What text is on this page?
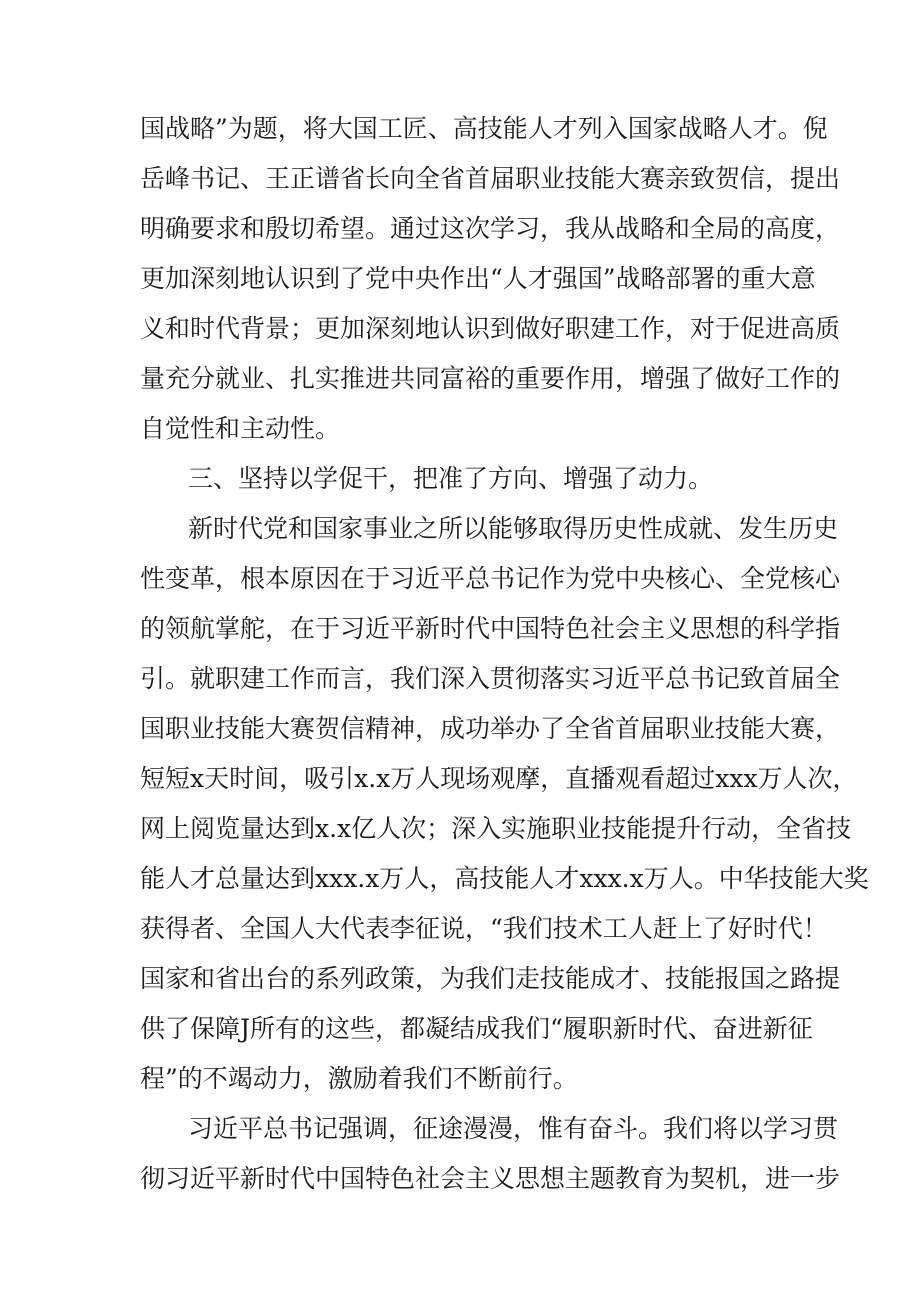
国战略”为题，将大国工匠、高技能人才列入国家战略人才。倪
岳峰书记、王正谱省长向全省首届职业技能大赛亲致贺信，提出
明确要求和殷切希望。通过这次学习，我从战略和全局的高度，
更加深刻地认识到了党中央作出“人才强国”战略部署的重大意
义和时代背景；更加深刻地认识到做好职建工作，对于促进高质
量充分就业、扎实推进共同富裕的重要作用，增强了做好工作的
自觉性和主动性。
三、坚持以学促干，把准了方向、增强了动力。
新时代党和国家事业之所以能够取得历史性成就、发生历史
性变革，根本原因在于习近平总书记作为党中央核心、全党核心
的领航掌舵，在于习近平新时代中国特色社会主义思想的科学指
引。就职建工作而言，我们深入贯彻落实习近平总书记致首届全
国职业技能大赛贺信精神，成功举办了全省首届职业技能大赛，
短短x天时间，吸引x.x万人现场观摩，直播观看超过xxx万人次，
网上阅览量达到x.x亿人次；深入实施职业技能提升行动，全省技
能人才总量达到xxx.x万人，高技能人才xxx.x万人。中华技能大奖
获得者、全国人大代表李征说，“我们技术工人赶上了好时代！
国家和省出台的系列政策，为我们走技能成才、技能报国之路提
供了保障J所有的这些，都凝结成我们“履职新时代、奋进新征
程”的不竭动力，激励着我们不断前行。
习近平总书记强调，征途漫漫，惟有奋斗。我们将以学习贯
彻习近平新时代中国特色社会主义思想主题教育为契机，进一步
